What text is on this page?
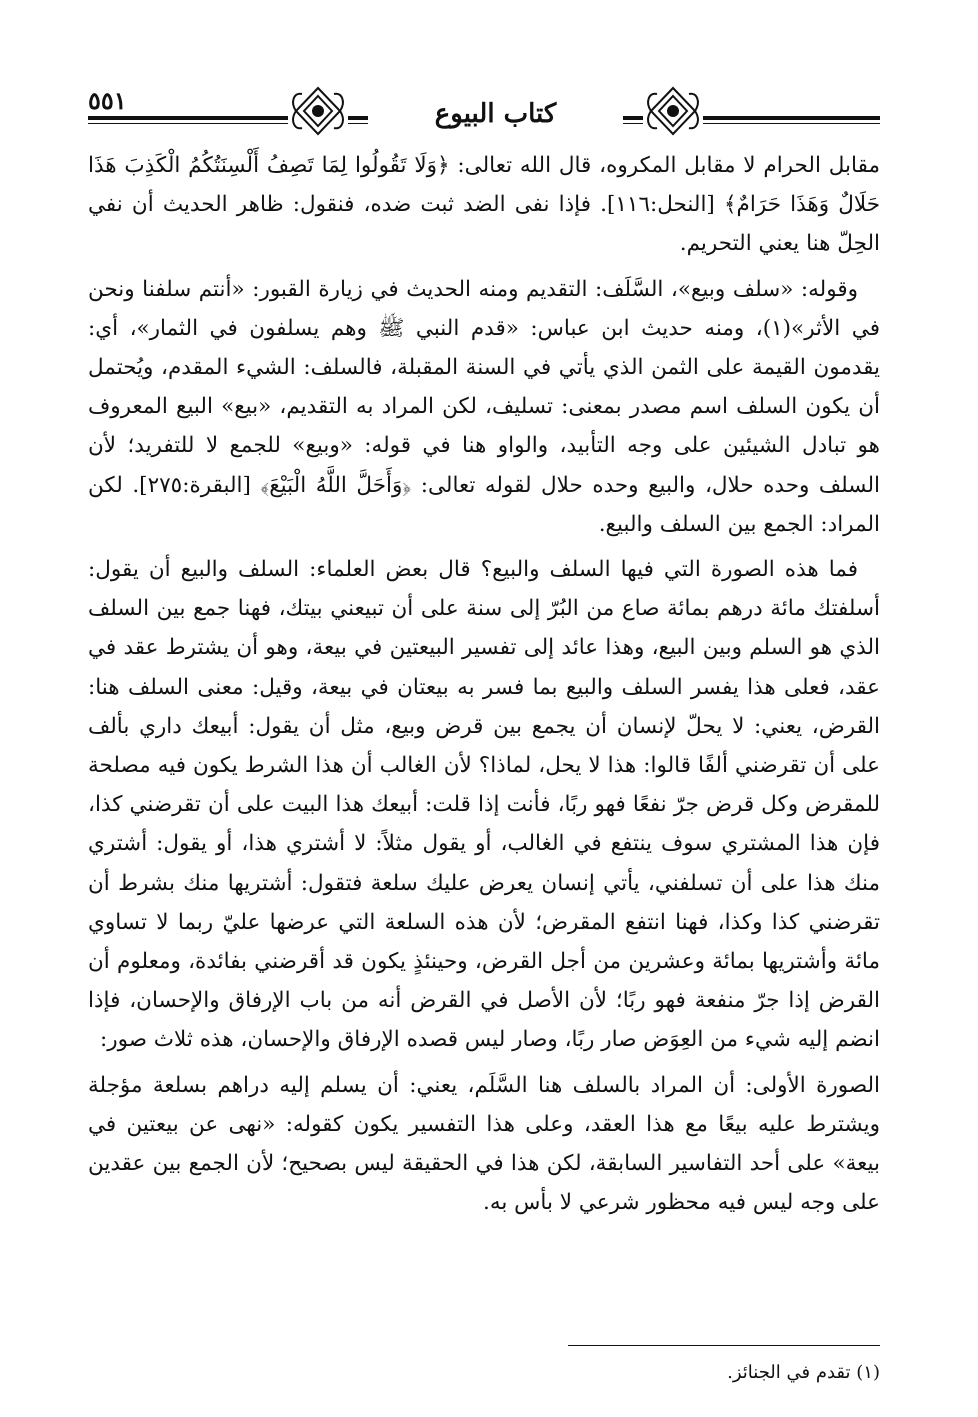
٥٥١	كتاب البيوع

مقابل الحرام لا مقابل المكروه، قال الله تعالى: ﴿وَلَا تَقُولُوا لِمَا تَصِفُ أَلْسِنَتُكُمُ الْكَذِبَ هَذَا حَلَالٌ وَهَذَا حَرَامٌ﴾ [النحل:١١٦]. فإذا نفى الضد ثبت ضده، فنقول: ظاهر الحديث أن نفي الحِلّ هنا يعني التحريم.

وقوله: «سلف وبيع»، السَّلَف: التقديم ومنه الحديث في زيارة القبور: «أنتم سلفنا ونحن في الأثر»(١)، ومنه حديث ابن عباس: «قدم النبي ﷺ وهم يسلفون في الثمار»، أي: يقدمون القيمة على الثمن الذي يأتي في السنة المقبلة، فالسلف: الشيء المقدم، ويُحتمل أن يكون السلف اسم مصدر بمعنى: تسليف، لكن المراد به التقديم، «بيع» البيع المعروف هو تبادل الشيئين على وجه التأبيد، والواو هنا في قوله: «وبيع» للجمع لا للتفريد؛ لأن السلف وحده حلال، والبيع وحده حلال لقوله تعالى: ﴿وَأَحَلَّ اللَّهُ الْبَيْعَ﴾ [البقرة:٢٧٥]. لكن المراد: الجمع بين السلف والبيع.

فما هذه الصورة التي فيها السلف والبيع؟ قال بعض العلماء: السلف والبيع أن يقول: أسلفتك مائة درهم بمائة صاع من البُرّ إلى سنة على أن تبيعني بيتك، فهنا جمع بين السلف الذي هو السلم وبين البيع، وهذا عائد إلى تفسير البيعتين في بيعة، وهو أن يشترط عقد في عقد، فعلى هذا يفسر السلف والبيع بما فسر به بيعتان في بيعة، وقيل: معنى السلف هنا: القرض، يعني: لا يحلّ لإنسان أن يجمع بين قرض وبيع، مثل أن يقول: أبيعك داري بألف على أن تقرضني ألفًا قالوا: هذا لا يحل، لماذا؟ لأن الغالب أن هذا الشرط يكون فيه مصلحة للمقرض وكل قرض جرّ نفعًا فهو ربًا، فأنت إذا قلت: أبيعك هذا البيت على أن تقرضني كذا، فإن هذا المشتري سوف ينتفع في الغالب، أو يقول مثلاً: لا أشتري هذا، أو يقول: أشتري منك هذا على أن تسلفني، يأتي إنسان يعرض عليك سلعة فتقول: أشتريها منك بشرط أن تقرضني كذا وكذا، فهنا انتفع المقرض؛ لأن هذه السلعة التي عرضها عليّ ربما لا تساوي مائة وأشتريها بمائة وعشرين من أجل القرض، وحينئذٍ يكون قد أقرضني بفائدة، ومعلوم أن القرض إذا جرّ منفعة فهو ربًا؛ لأن الأصل في القرض أنه من باب الإرفاق والإحسان، فإذا انضم إليه شيء من العِوَض صار ربًا، وصار ليس قصده الإرفاق والإحسان، هذه ثلاث صور:

الصورة الأولى: أن المراد بالسلف هنا السَّلَم، يعني: أن يسلم إليه دراهم بسلعة مؤجلة ويشترط عليه بيعًا مع هذا العقد، وعلى هذا التفسير يكون كقوله: «نهى عن بيعتين في بيعة» على أحد التفاسير السابقة، لكن هذا في الحقيقة ليس بصحيح؛ لأن الجمع بين عقدين على وجه ليس فيه محظور شرعي لا بأس به.

(١) تقدم في الجنائز.
